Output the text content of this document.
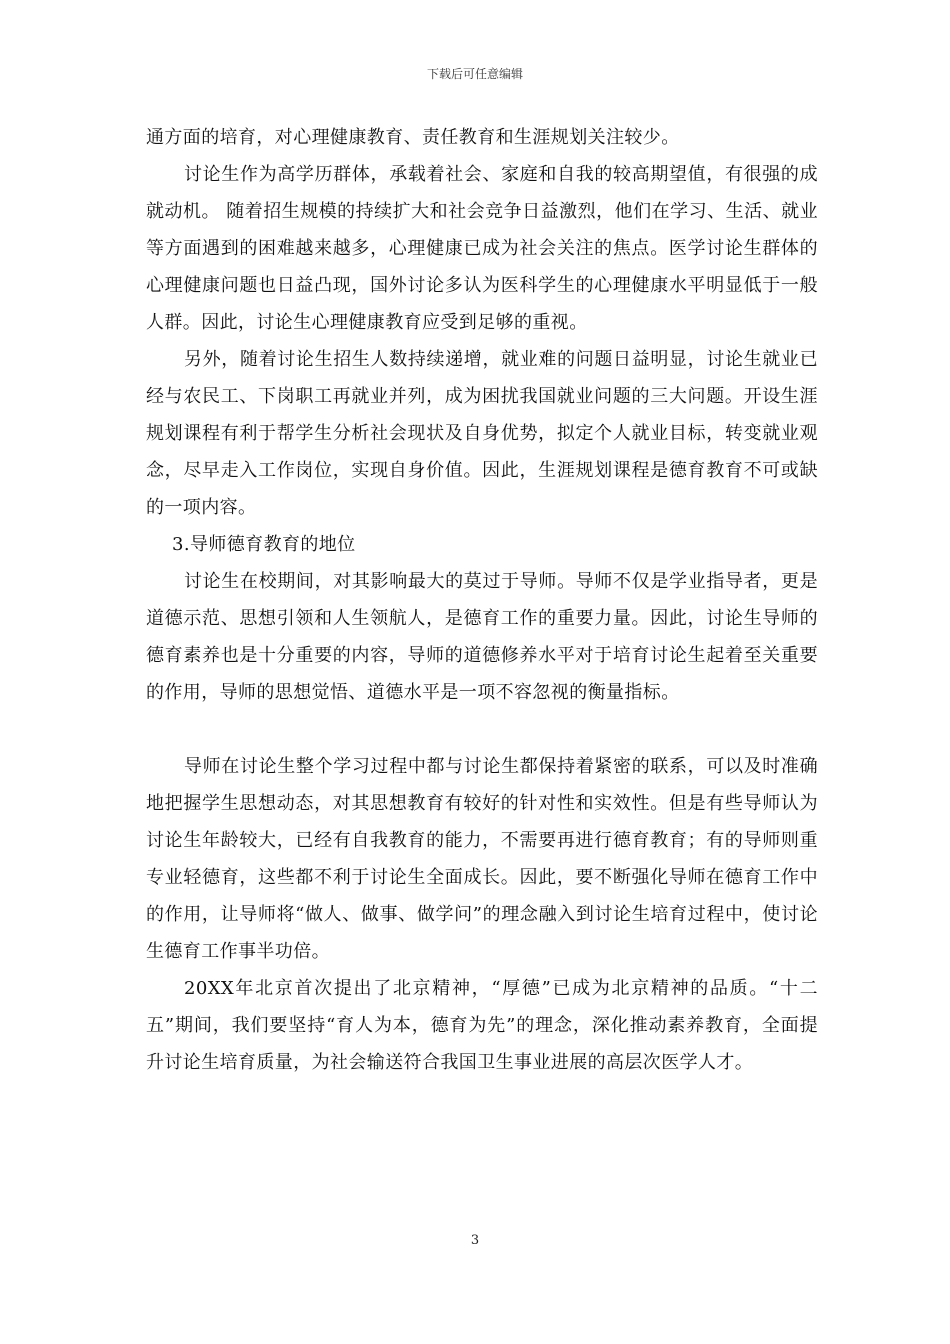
下载后可任意编辑

通方面的培育，对心理健康教育、责任教育和生涯规划关注较少。

讨论生作为高学历群体，承载着社会、家庭和自我的较高期望值，有很强的成就动机。 随着招生规模的持续扩大和社会竞争日益激烈，他们在学习、生活、就业等方面遇到的困难越来越多，心理健康已成为社会关注的焦点。医学讨论生群体的心理健康问题也日益凸现，国外讨论多认为医科学生的心理健康水平明显低于一般人群。因此，讨论生心理健康教育应受到足够的重视。

另外，随着讨论生招生人数持续递增，就业难的问题日益明显，讨论生就业已经与农民工、下岗职工再就业并列，成为困扰我国就业问题的三大问题。开设生涯规划课程有利于帮学生分析社会现状及自身优势，拟定个人就业目标，转变就业观念，尽早走入工作岗位，实现自身价值。因此，生涯规划课程是德育教育不可或缺的一项内容。

3.导师德育教育的地位

讨论生在校期间，对其影响最大的莫过于导师。导师不仅是学业指导者，更是道德示范、思想引领和人生领航人，是德育工作的重要力量。因此，讨论生导师的德育素养也是十分重要的内容，导师的道德修养水平对于培育讨论生起着至关重要的作用，导师的思想觉悟、道德水平是一项不容忽视的衡量指标。

导师在讨论生整个学习过程中都与讨论生都保持着紧密的联系，可以及时准确地把握学生思想动态，对其思想教育有较好的针对性和实效性。但是有些导师认为讨论生年龄较大，已经有自我教育的能力，不需要再进行德育教育；有的导师则重专业轻德育，这些都不利于讨论生全面成长。因此，要不断强化导师在德育工作中的作用，让导师将“做人、做事、做学问”的理念融入到讨论生培育过程中，使讨论生德育工作事半功倍。

20XX年北京首次提出了北京精神，“厚德”已成为北京精神的品质。“十二五”期间，我们要坚持“育人为本，德育为先”的理念，深化推动素养教育，全面提升讨论生培育质量，为社会输送符合我国卫生事业进展的高层次医学人才。

3
